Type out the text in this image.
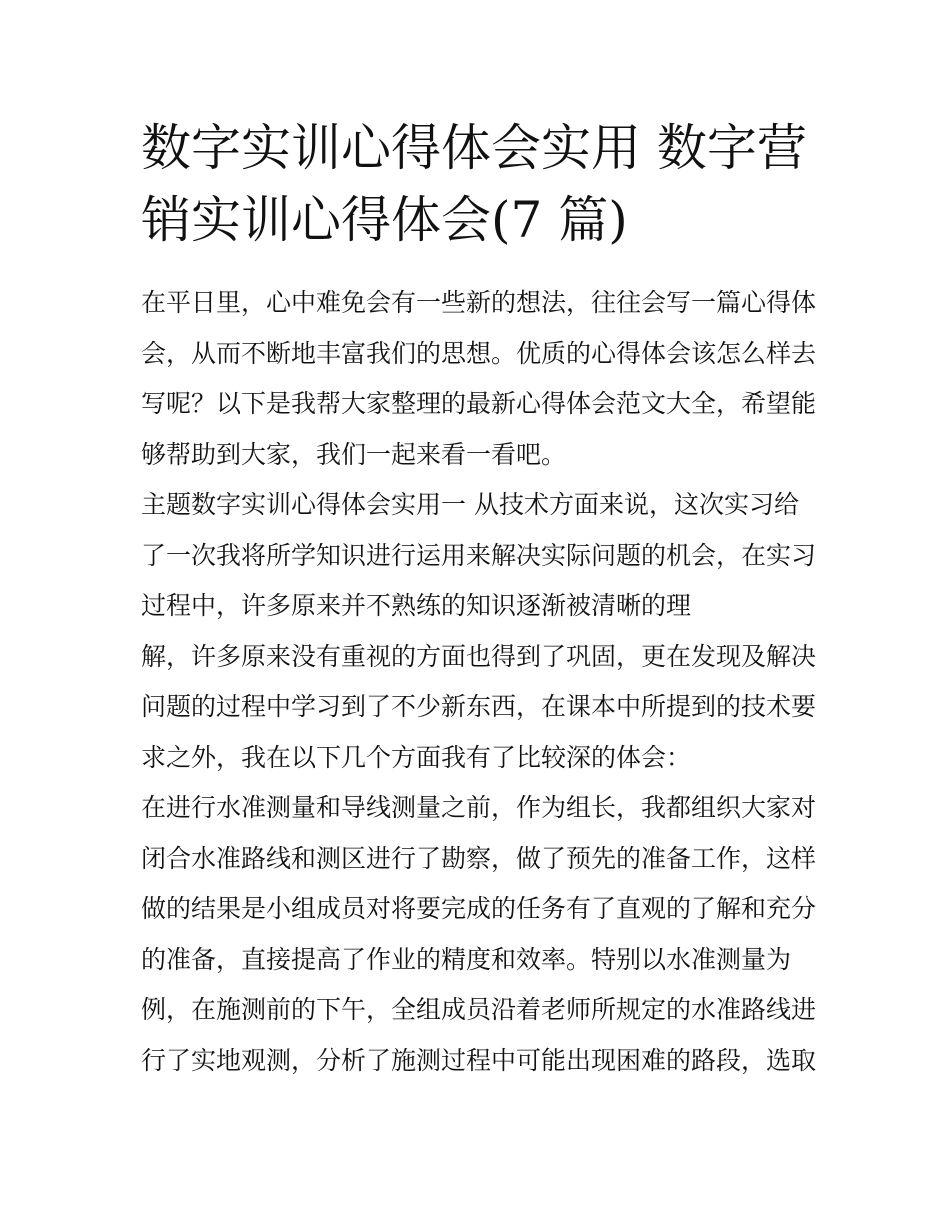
数字实训心得体会实用 数字营
销实训心得体会(7 篇)
在平日里，心中难免会有一些新的想法，往往会写一篇心得体
会，从而不断地丰富我们的思想。优质的心得体会该怎么样去
写呢？以下是我帮大家整理的最新心得体会范文大全，希望能
够帮助到大家，我们一起来看一看吧。
主题数字实训心得体会实用一 从技术方面来说，这次实习给
了一次我将所学知识进行运用来解决实际问题的机会，在实习
过程中，许多原来并不熟练的知识逐渐被清晰的理
解，许多原来没有重视的方面也得到了巩固，更在发现及解决
问题的过程中学习到了不少新东西，在课本中所提到的技术要
求之外，我在以下几个方面我有了比较深的体会：
在进行水准测量和导线测量之前，作为组长，我都组织大家对
闭合水准路线和测区进行了勘察，做了预先的准备工作，这样
做的结果是小组成员对将要完成的任务有了直观的了解和充分
的准备，直接提高了作业的精度和效率。特别以水准测量为
例，在施测前的下午，全组成员沿着老师所规定的水准路线进
行了实地观测，分析了施测过程中可能出现困难的路段，选取
